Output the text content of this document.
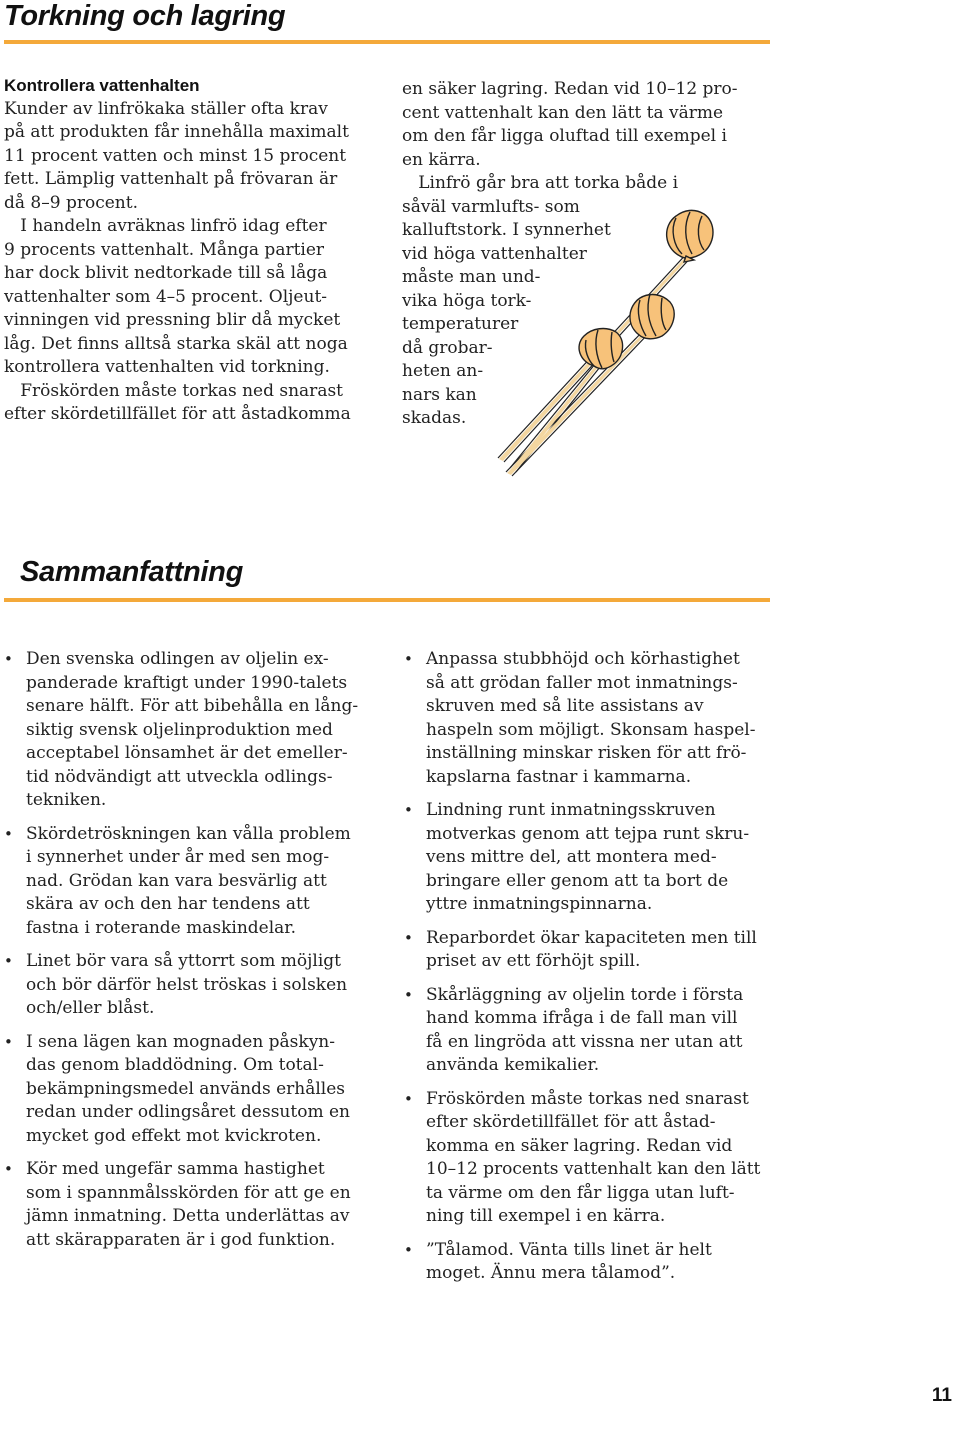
Torkning och lagring
Kontrollera vattenhalten
Kunder av linfrökaka ställer ofta krav
på att produkten får innehålla maximalt
11 procent vatten och minst 15 procent
fett. Lämplig vattenhalt på frövaran är
då 8–9 procent.
I handeln avräknas linfrö idag efter
9 procents vattenhalt. Många partier
har dock blivit nedtorkade till så låga
vattenhalter som 4–5 procent. Oljeut-
vinningen vid pressning blir då mycket
låg. Det finns alltså starka skäl att noga
kontrollera vattenhalten vid torkning.
Fröskörden måste torkas ned snarast
efter skördetillfället för att åstadkomma
en säker lagring. Redan vid 10–12 pro-
cent vattenhalt kan den lätt ta värme
om den får ligga oluftad till exempel i
en kärra.
Linfrö går bra att torka både i
såväl varmlufts- som
kalluftstork. I synnerhet
vid höga vattenhalter
måste man und-
vika höga tork-
temperaturer
då grobar-
heten an-
nars kan
skadas.
Sammanfattning
• Den svenska odlingen av oljelin ex-
panderade kraftigt under 1990-talets
senare hälft. För att bibehålla en lång-
siktig svensk oljelinproduktion med
acceptabel lönsamhet är det emeller-
tid nödvändigt att utveckla odlings-
tekniken.
• Skördetröskningen kan vålla problem
i synnerhet under år med sen mog-
nad. Grödan kan vara besvärlig att
skära av och den har tendens att
fastna i roterande maskindelar.
• Linet bör vara så yttorrt som möjligt
och bör därför helst tröskas i solsken
och/eller blåst.
• I sena lägen kan mognaden påskyn-
das genom bladdödning. Om total-
bekämpningsmedel används erhålles
redan under odlingsåret dessutom en
mycket god effekt mot kvickroten.
• Kör med ungefär samma hastighet
som i spannmålsskörden för att ge en
jämn inmatning. Detta underlättas av
att skärapparaten är i god funktion.
• Anpassa stubbhöjd och körhastighet
så att grödan faller mot inmatnings-
skruven med så lite assistans av
haspeln som möjligt. Skonsam haspel-
inställning minskar risken för att frö-
kapslarna fastnar i kammarna.
• Lindning runt inmatningsskruven
motverkas genom att tejpa runt skru-
vens mittre del, att montera med-
bringare eller genom att ta bort de
yttre inmatningspinnarna.
• Reparbordet ökar kapaciteten men till
priset av ett förhöjt spill.
• Skårläggning av oljelin torde i första
hand komma ifråga i de fall man vill
få en lingröda att vissna ner utan att
använda kemikalier.
• Fröskörden måste torkas ned snarast
efter skördetillfället för att åstad-
komma en säker lagring. Redan vid
10–12 procents vattenhalt kan den lätt
ta värme om den får ligga utan luft-
ning till exempel i en kärra.
• ”Tålamod. Vänta tills linet är helt
moget. Ännu mera tålamod”.
11
